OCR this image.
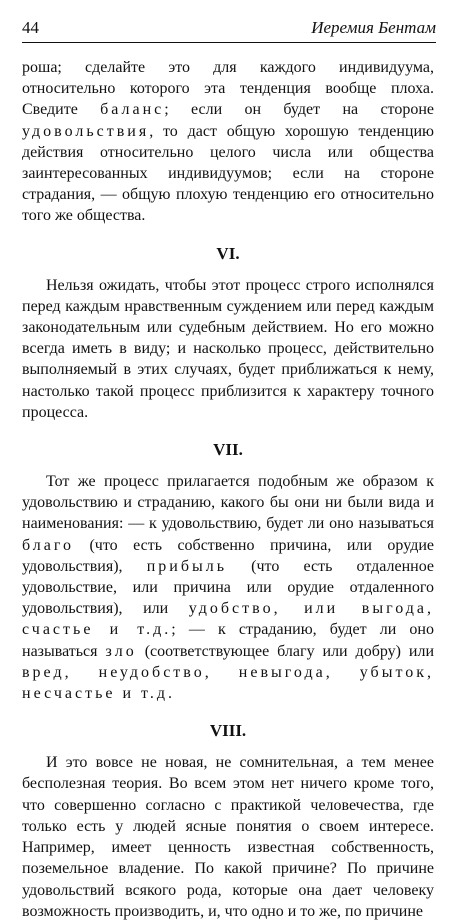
44	Иеремия Бентам

роша; сделайте это для каждого индивидуума, относительно которого эта тенденция вообще плоха. Сведите баланс; если он будет на стороне удовольствия, то даст общую хорошую тенденцию действия относительно целого числа или общества заинтересованных индивидуумов; если на стороне страдания, — общую плохую тенденцию его относительно того же общества.

VI.

Нельзя ожидать, чтобы этот процесс строго исполнялся перед каждым нравственным суждением или перед каждым законодательным или судебным действием. Но его можно всегда иметь в виду; и насколько процесс, действительно выполняемый в этих случаях, будет приближаться к нему, настолько такой процесс приблизится к характеру точного процесса.

VII.

Тот же процесс прилагается подобным же образом к удовольствию и страданию, какого бы они ни были вида и наименования: — к удовольствию, будет ли оно называться благо (что есть собственно причина, или орудие удовольствия), прибыль (что есть отдаленное удовольствие, или причина или орудие отдаленного удовольствия), или удобство, или выгода, счастье и т.д.; — к страданию, будет ли оно называться зло (соответствующее благу или добру) или вред, неудобство, невыгода, убыток, несчастье и т.д.

VIII.

И это вовсе не новая, не сомнительная, а тем менее бесполезная теория. Во всем этом нет ничего кроме того, что совершенно согласно с практикой человечества, где только есть у людей ясные понятия о своем интересе. Например, имеет ценность известная собственность, поземельное владение. По какой причине? По причине удовольствий всякого рода, которые она дает человеку возможность производить, и, что одно и то же, по причине
